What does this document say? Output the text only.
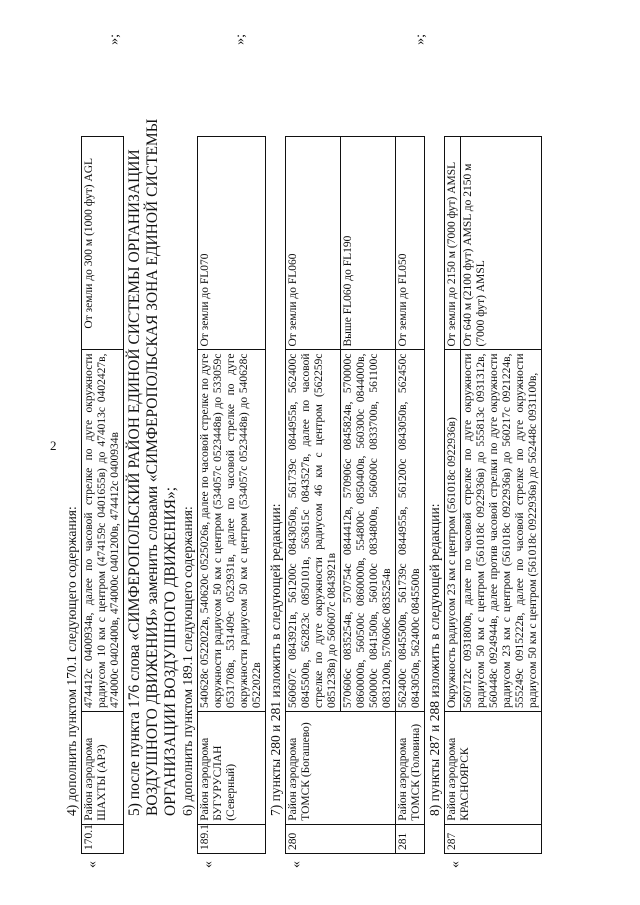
2
4) дополнить пунктом 170.1 следующего содержания:
«
170.1	Район аэродрома ШАХТЫ (АРЗ)	474412с 0400934в, далее по часовой стрелке по дуге окружности радиусом 10 км с центром (474159с 0401655в) до 474013с 0402427в, 474000с 0402400в, 474000с 0401200в, 474412с 0400934в	От земли до 300 м (1000 фут) AGL
»;
5) после пункта 176 слова «СИМФЕРОПОЛЬСКИЙ РАЙОН ЕДИНОЙ СИСТЕМЫ ОРГАНИЗАЦИИ ВОЗДУШНОГО ДВИЖЕНИЯ» заменить словами «СИМФЕРОПОЛЬСКАЯ ЗОНА ЕДИНОЙ СИСТЕМЫ ОРГАНИЗАЦИИ ВОЗДУШНОГО ДВИЖЕНИЯ»; 6) дополнить пунктом 189.1 следующего содержания:
«
189.1	Район аэродрома БУГУРУСЛАН (Северный)	540628с 0522022в, 540620с 0525026в, далее по часовой стрелке по дуге окружности радиусом 50 км с центром (534057с 0523448в) до 533059с 0531708в, 531409с 0523931в, далее по часовой стрелке по дуге окружности радиусом 50 км с центром (534057с 0523448в) до 540628с 0522022в	От земли до FL070
»;
7) пункты 280 и 281 изложить в следующей редакции:
«
280	Район аэродрома ТОМСК (Богашево)	560607с 0843921в, 561200с 0843050в, 561739с 0844955в, 562400с 0845500в, 562823с 0850101в, 563615с 0843527в, далее по часовой стрелке по дуге окружности радиусом 46 км с центром (562259с 0851238в) до 560607с 0843921в	От земли до FL060
		570606с 0835254в, 570754с 0844412в, 570906с 0845824в, 570000с 0860000в, 560500с 0860000в, 554800с 0850400в, 560300с 0844000в, 560000с 0841500в, 560100с 0834800в, 560600с 0833700в, 561100с 0831200в, 570606с 0835254в	Выше FL060 до FL190
281	Район аэродрома ТОМСК (Головина)	562400с 0845500в, 561739с 0844955в, 561200с 0843050в, 562450с 0843050в, 562400с 0845500в	От земли до FL050
»;
8) пункты 287 и 288 изложить в следующей редакции:
«
287	Район аэродрома КРАСНОЯРСК	Окружность радиусом 23 км с центром (561018с 0922936в)	От земли до 2150 м (7000 фут) AMSL
		560712с 0931800в, далее по часовой стрелке по дуге окружности радиусом 50 км с центром (561018с 0922936в) до 555813с 0931312в, 560448с 0924944в, далее против часовой стрелки по дуге окружности радиусом 23 км с центром (561018с 0922936в) до 560217с 0921224в, 555249с 0915222в, далее по часовой стрелке по дуге окружности радиусом 50 км с центром (561018с 0922936в) до 562448с 0931100в,	От 640 м (2100 фут) AMSL до 2150 м (7000 фут) AMSL
